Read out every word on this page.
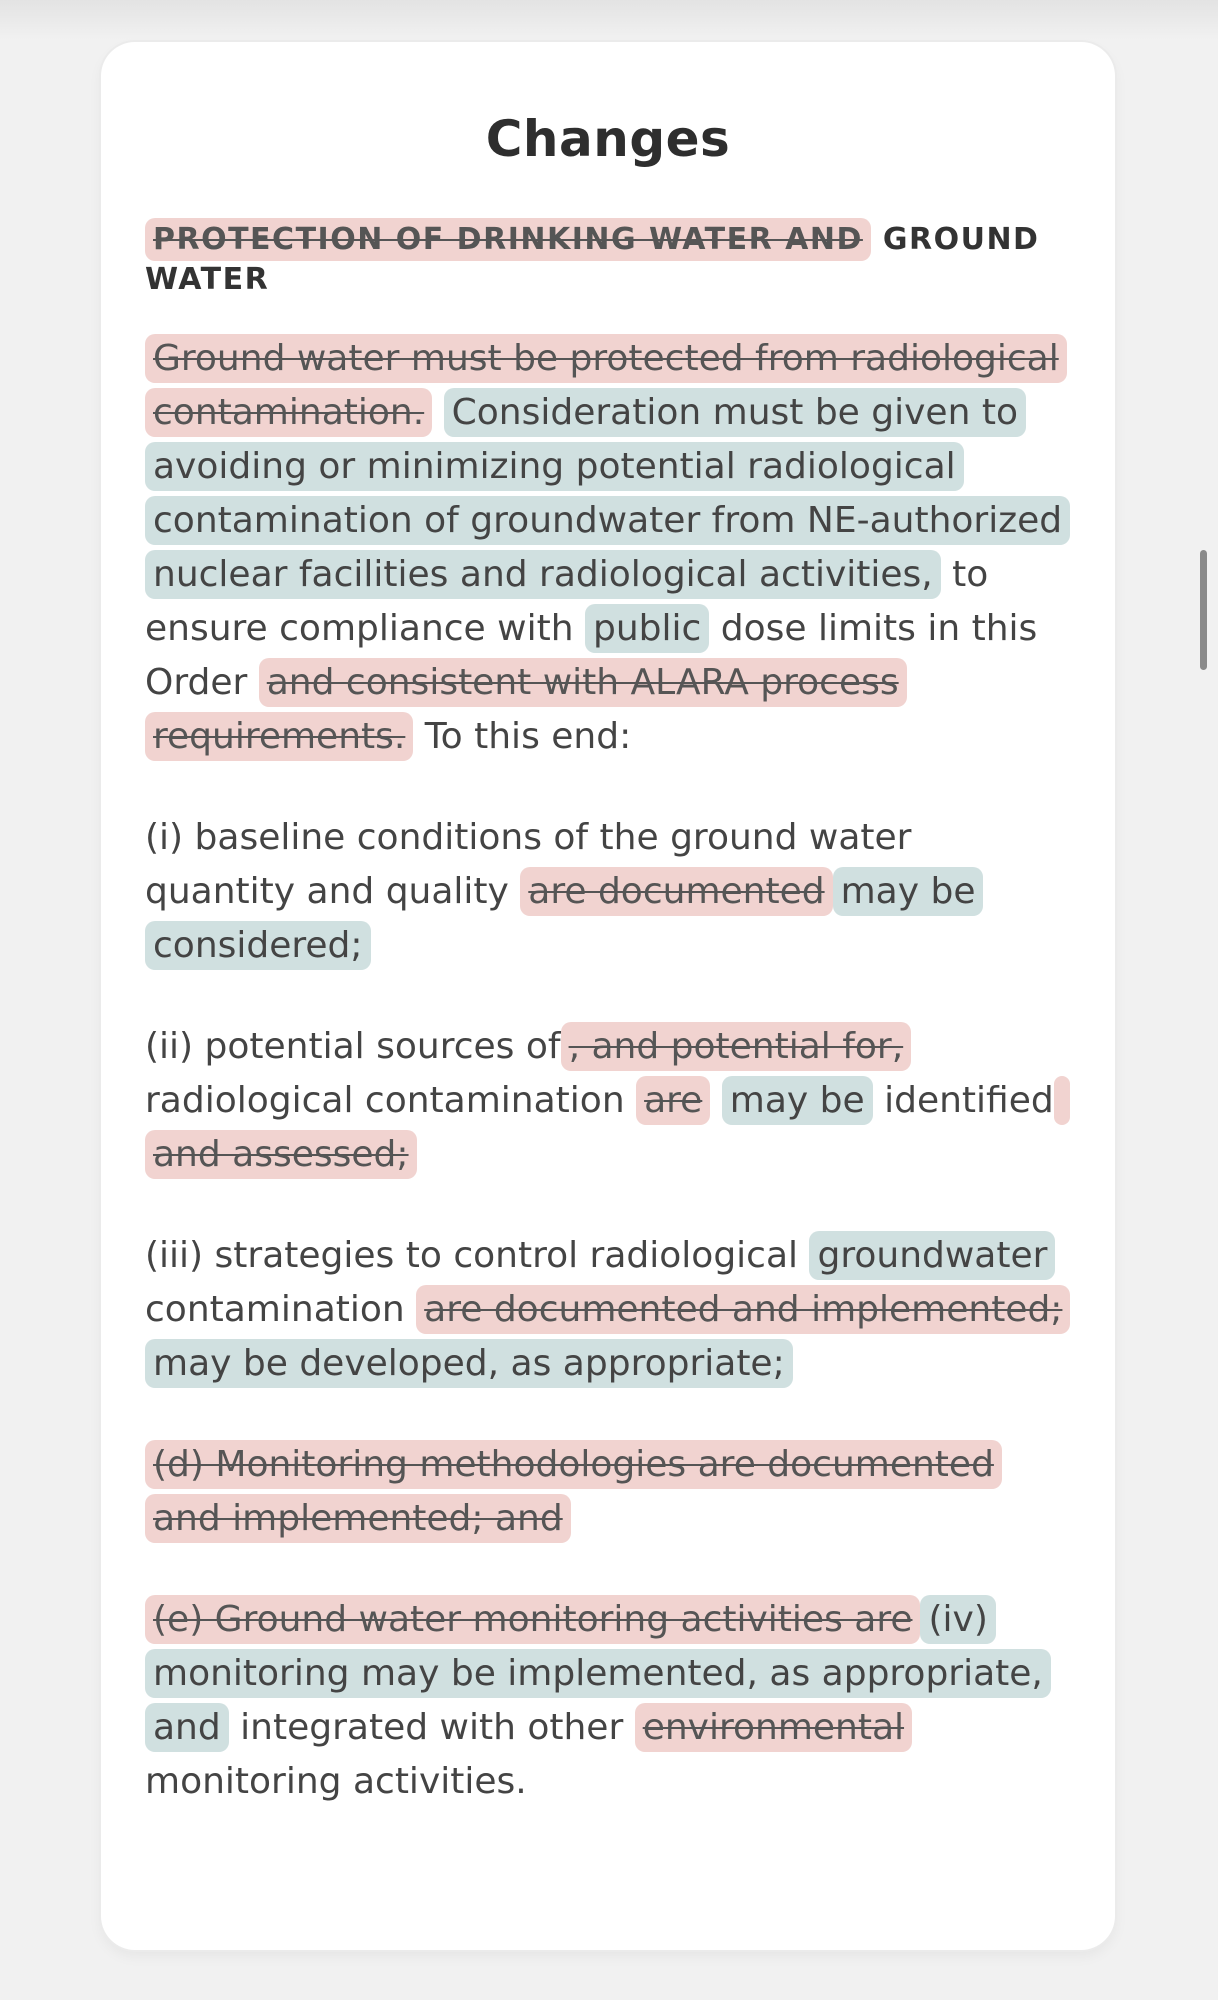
Changes
PROTECTION OF DRINKING WATER AND GROUND WATER
Ground water must be protected from radiological contamination. Consideration must be given to avoiding or minimizing potential radiological contamination of groundwater from NE-authorized nuclear facilities and radiological activities, to ensure compliance with public dose limits in this Order and consistent with ALARA process requirements. To this end:
(i) baseline conditions of the ground water quantity and quality are documented may be considered;
(ii) potential sources of , and potential for, radiological contamination are may be identified and assessed;
(iii) strategies to control radiological groundwater contamination are documented and implemented; may be developed, as appropriate;
(d) Monitoring methodologies are documented and implemented; and
(e) Ground water monitoring activities are (iv) monitoring may be implemented, as appropriate, and integrated with other environmental monitoring activities.
